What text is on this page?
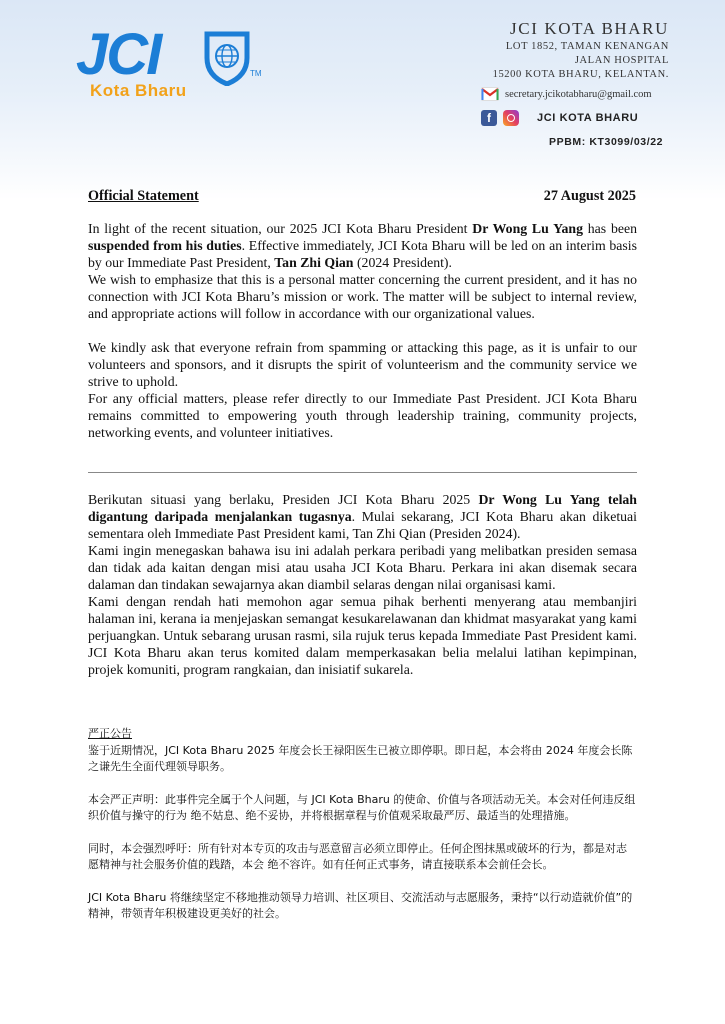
JCI	TM
Kota Bharu
JCI KOTA BHARU
LOT 1852, TAMAN KENANGAN
JALAN HOSPITAL
15200 KOTA BHARU, KELANTAN.
secretary.jcikotabharu@gmail.com
f	JCI KOTA BHARU
PPBM: KT3099/03/22
Official Statement	27 August 2025

In light of the recent situation, our 2025 JCI Kota Bharu President Dr Wong Lu Yang has been suspended from his duties. Effective immediately, JCI Kota Bharu will be led on an interim basis by our Immediate Past President, Tan Zhi Qian (2024 President).

We wish to emphasize that this is a personal matter concerning the current president, and it has no connection with JCI Kota Bharu’s mission or work. The matter will be subject to internal review, and appropriate actions will follow in accordance with our organizational values.

We kindly ask that everyone refrain from spamming or attacking this page, as it is unfair to our volunteers and sponsors, and it disrupts the spirit of volunteerism and the community service we strive to uphold.

For any official matters, please refer directly to our Immediate Past President. JCI Kota Bharu remains committed to empowering youth through leadership training, community projects, networking events, and volunteer initiatives.

Berikutan situasi yang berlaku, Presiden JCI Kota Bharu 2025 Dr Wong Lu Yang telah digantung daripada menjalankan tugasnya. Mulai sekarang, JCI Kota Bharu akan diketuai sementara oleh Immediate Past President kami, Tan Zhi Qian (Presiden 2024).

Kami ingin menegaskan bahawa isu ini adalah perkara peribadi yang melibatkan presiden semasa dan tidak ada kaitan dengan misi atau usaha JCI Kota Bharu. Perkara ini akan disemak secara dalaman dan tindakan sewajarnya akan diambil selaras dengan nilai organisasi kami.

Kami dengan rendah hati memohon agar semua pihak berhenti menyerang atau membanjiri halaman ini, kerana ia menjejaskan semangat kesukarelawanan dan khidmat masyarakat yang kami perjuangkan. Untuk sebarang urusan rasmi, sila rujuk terus kepada Immediate Past President kami. JCI Kota Bharu akan terus komited dalam memperkasakan belia melalui latihan kepimpinan, projek komuniti, program rangkaian, dan inisiatif sukarela.

严正公告

鉴于近期情况，JCI Kota Bharu 2025 年度会长王禄阳医生已被立即停职。即日起，本会将由 2024 年度会长陈之谦先生全面代理领导职务。

本会严正声明：此事件完全属于个人问题，与 JCI Kota Bharu 的使命、价值与各项活动无关。本会对任何违反组织价值与操守的行为 绝不姑息、绝不妥协，并将根据章程与价值观采取最严厉、最适当的处理措施。

同时，本会强烈呼吁：所有针对本专页的攻击与恶意留言必须立即停止。任何企图抹黑或破坏的行为，都是对志愿精神与社会服务价值的践踏，本会 绝不容许。如有任何正式事务，请直接联系本会前任会长。

JCI Kota Bharu 将继续坚定不移地推动领导力培训、社区项目、交流活动与志愿服务，秉持“以行动造就价值”的精神，带领青年积极建设更美好的社会。
